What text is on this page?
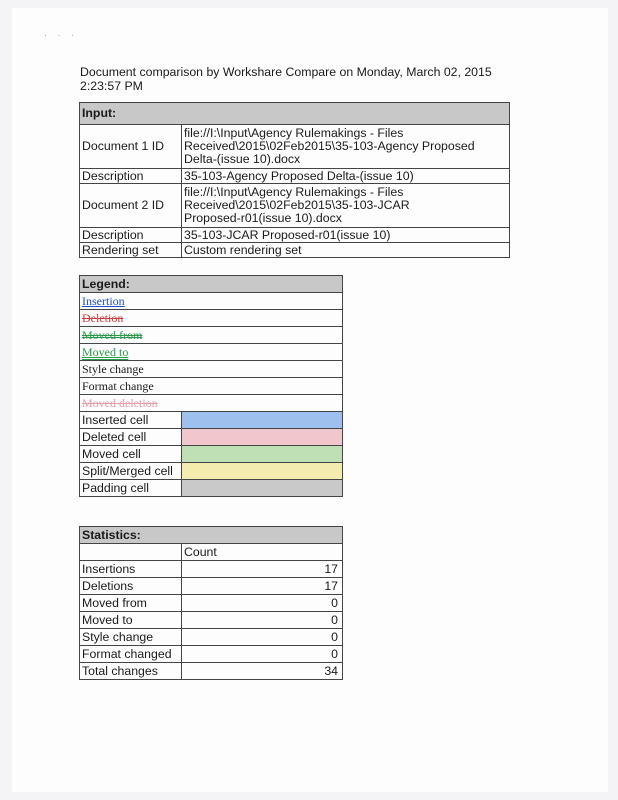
· · ·
Document comparison by Workshare Compare on Monday, March 02, 2015
2:23:57 PM
Input:	
Document 1 ID	file://I:\Input\Agency Rulemakings - Files
Received\2015\02Feb2015\35-103-Agency Proposed
Delta-(issue 10).docx

Description	35-103-Agency Proposed Delta-(issue 10)
Document 2 ID	file://I:\Input\Agency Rulemakings - Files
Received\2015\02Feb2015\35-103-JCAR
Proposed-r01(issue 10).docx

Description	35-103-JCAR Proposed-r01(issue 10)
Rendering set	Custom rendering set
Legend:	
Insertion	
Deletion	
Moved from	
Moved to	
Style change	
Format change	
Moved deletion	
Inserted cell	
Deleted cell	
Moved cell	
Split/Merged cell	
Padding cell	
Statistics:	
	Count
Insertions	17
Deletions	17
Moved from	0
Moved to	0
Style change	0
Format changed	0
Total changes	34
